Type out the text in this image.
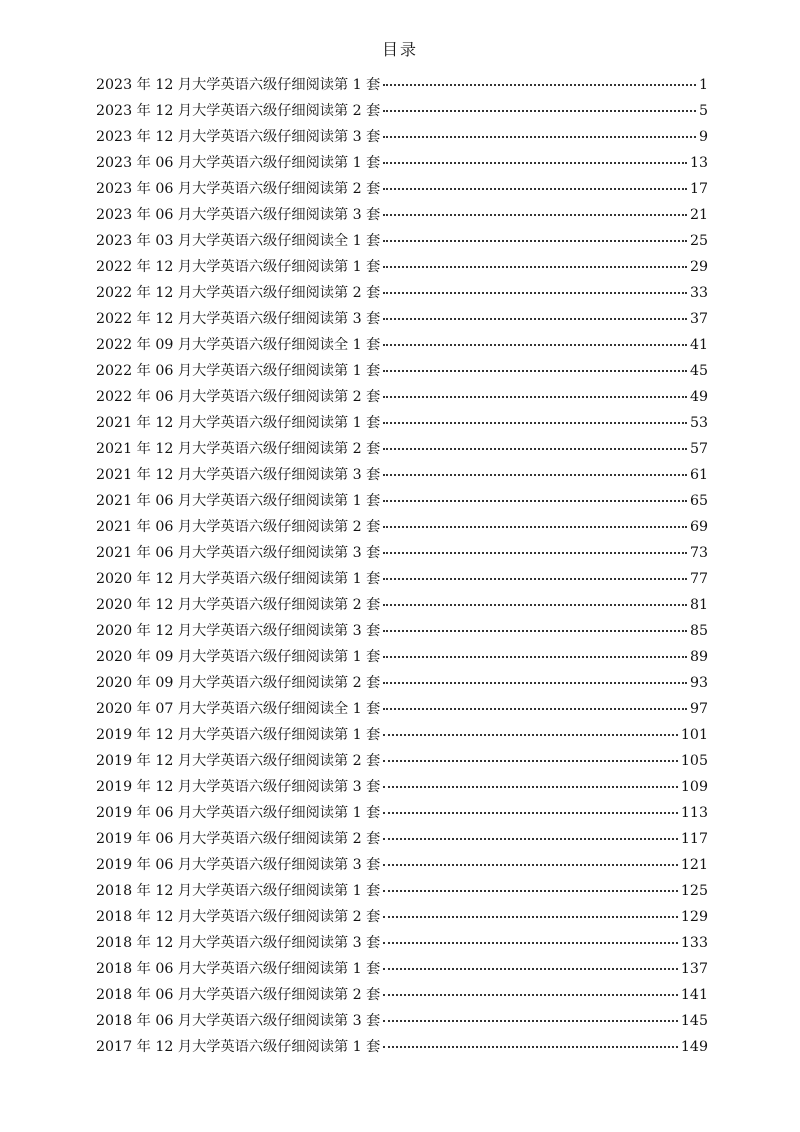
目录
2023 年 12 月大学英语六级仔细阅读第 1 套	1
2023 年 12 月大学英语六级仔细阅读第 2 套	5
2023 年 12 月大学英语六级仔细阅读第 3 套	9
2023 年 06 月大学英语六级仔细阅读第 1 套	13
2023 年 06 月大学英语六级仔细阅读第 2 套	17
2023 年 06 月大学英语六级仔细阅读第 3 套	21
2023 年 03 月大学英语六级仔细阅读全 1 套	25
2022 年 12 月大学英语六级仔细阅读第 1 套	29
2022 年 12 月大学英语六级仔细阅读第 2 套	33
2022 年 12 月大学英语六级仔细阅读第 3 套	37
2022 年 09 月大学英语六级仔细阅读全 1 套	41
2022 年 06 月大学英语六级仔细阅读第 1 套	45
2022 年 06 月大学英语六级仔细阅读第 2 套	49
2021 年 12 月大学英语六级仔细阅读第 1 套	53
2021 年 12 月大学英语六级仔细阅读第 2 套	57
2021 年 12 月大学英语六级仔细阅读第 3 套	61
2021 年 06 月大学英语六级仔细阅读第 1 套	65
2021 年 06 月大学英语六级仔细阅读第 2 套	69
2021 年 06 月大学英语六级仔细阅读第 3 套	73
2020 年 12 月大学英语六级仔细阅读第 1 套	77
2020 年 12 月大学英语六级仔细阅读第 2 套	81
2020 年 12 月大学英语六级仔细阅读第 3 套	85
2020 年 09 月大学英语六级仔细阅读第 1 套	89
2020 年 09 月大学英语六级仔细阅读第 2 套	93
2020 年 07 月大学英语六级仔细阅读全 1 套	97
2019 年 12 月大学英语六级仔细阅读第 1 套	101
2019 年 12 月大学英语六级仔细阅读第 2 套	105
2019 年 12 月大学英语六级仔细阅读第 3 套	109
2019 年 06 月大学英语六级仔细阅读第 1 套	113
2019 年 06 月大学英语六级仔细阅读第 2 套	117
2019 年 06 月大学英语六级仔细阅读第 3 套	121
2018 年 12 月大学英语六级仔细阅读第 1 套	125
2018 年 12 月大学英语六级仔细阅读第 2 套	129
2018 年 12 月大学英语六级仔细阅读第 3 套	133
2018 年 06 月大学英语六级仔细阅读第 1 套	137
2018 年 06 月大学英语六级仔细阅读第 2 套	141
2018 年 06 月大学英语六级仔细阅读第 3 套	145
2017 年 12 月大学英语六级仔细阅读第 1 套	149
